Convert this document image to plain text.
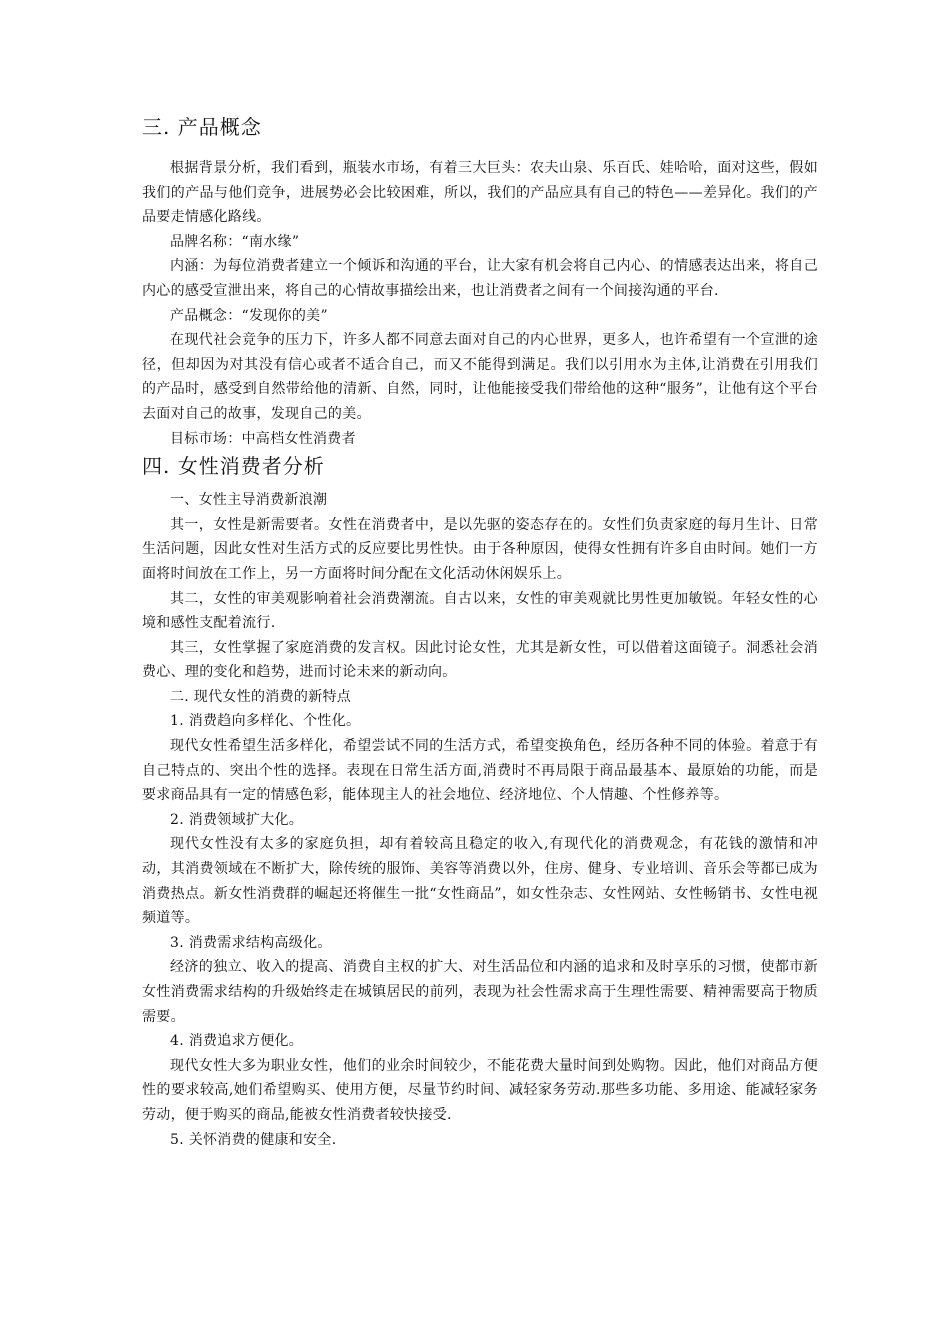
三. 产品概念

根据背景分析，我们看到，瓶装水市场，有着三大巨头：农夫山泉、乐百氏、娃哈哈，面对这些，假如我们的产品与他们竞争，进展势必会比较困难，所以，我们的产品应具有自己的特色——差异化。我们的产品要走情感化路线。

品牌名称：“南水缘”

内涵：为每位消费者建立一个倾诉和沟通的平台，让大家有机会将自己内心、的情感表达出来，将自己内心的感受宣泄出来，将自己的心情故事描绘出来，也让消费者之间有一个间接沟通的平台.

产品概念：“发现你的美”

在现代社会竞争的压力下，许多人都不同意去面对自己的内心世界，更多人，也许希望有一个宣泄的途径，但却因为对其没有信心或者不适合自己，而又不能得到满足。我们以引用水为主体,让消费在引用我们的产品时，感受到自然带给他的清新、自然，同时，让他能接受我们带给他的这种“服务”，让他有这个平台去面对自己的故事，发现自己的美。

目标市场：中高档女性消费者

四. 女性消费者分析

一、女性主导消费新浪潮

其一，女性是新需要者。女性在消费者中，是以先驱的姿态存在的。女性们负责家庭的每月生计、日常生活问题，因此女性对生活方式的反应要比男性快。由于各种原因，使得女性拥有许多自由时间。她们一方面将时间放在工作上，另一方面将时间分配在文化活动休闲娱乐上。

其二，女性的审美观影响着社会消费潮流。自古以来，女性的审美观就比男性更加敏锐。年轻女性的心境和感性支配着流行.

其三，女性掌握了家庭消费的发言权。因此讨论女性，尤其是新女性，可以借着这面镜子。洞悉社会消费心、理的变化和趋势，进而讨论未来的新动向。

二. 现代女性的消费的新特点

1. 消费趋向多样化、个性化。

现代女性希望生活多样化，希望尝试不同的生活方式，希望变换角色，经历各种不同的体验。着意于有自己特点的、突出个性的选择。表现在日常生活方面,消费时不再局限于商品最基本、最原始的功能，而是要求商品具有一定的情感色彩，能体现主人的社会地位、经济地位、个人情趣、个性修养等。

2. 消费领域扩大化。

现代女性没有太多的家庭负担，却有着较高且稳定的收入,有现代化的消费观念，有花钱的激情和冲动，其消费领域在不断扩大，除传统的服饰、美容等消费以外，住房、健身、专业培训、音乐会等都已成为消费热点。新女性消费群的崛起还将催生一批“女性商品”，如女性杂志、女性网站、女性畅销书、女性电视频道等。

3. 消费需求结构高级化。

经济的独立、收入的提高、消费自主权的扩大、对生活品位和内涵的追求和及时享乐的习惯，使都市新女性消费需求结构的升级始终走在城镇居民的前列，表现为社会性需求高于生理性需要、精神需要高于物质需要。

4. 消费追求方便化。

现代女性大多为职业女性，他们的业余时间较少，不能花费大量时间到处购物。因此，他们对商品方便性的要求较高,她们希望购买、使用方便，尽量节约时间、减轻家务劳动.那些多功能、多用途、能减轻家务劳动，便于购买的商品,能被女性消费者较快接受.

5. 关怀消费的健康和安全.
